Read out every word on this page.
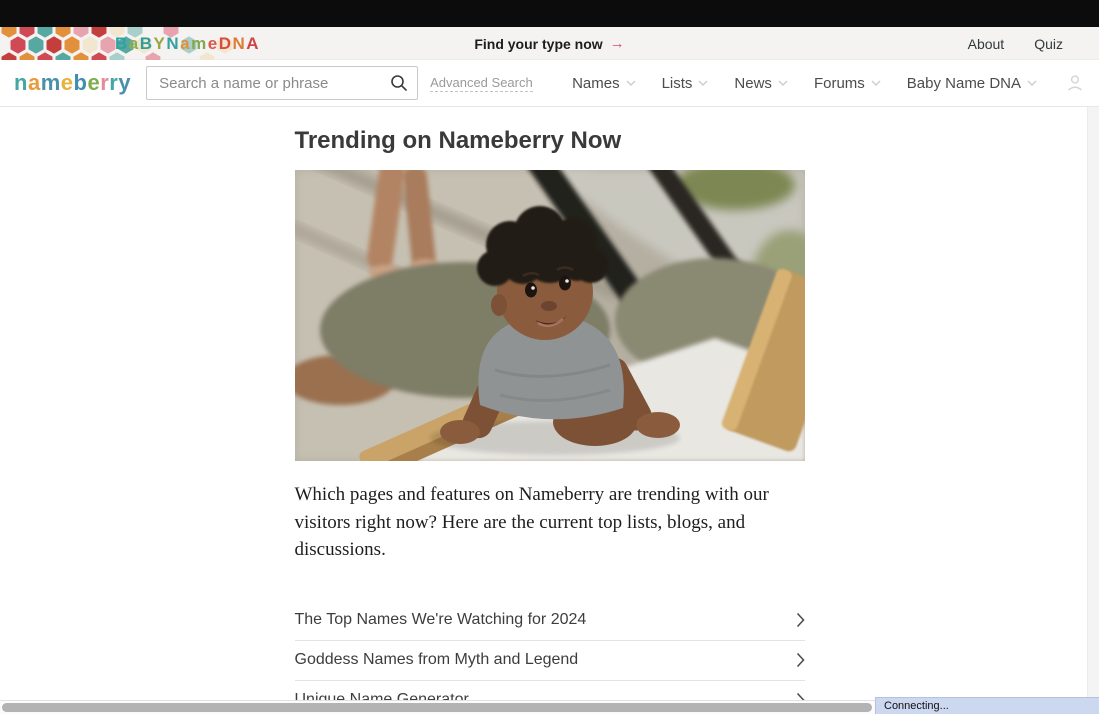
B a B Y N a m e D N A	Find your type now →	About Quiz
nameberry
Search a name or phrase	Advanced Search	Names	Lists	News	Forums	Baby Name DNA
Trending on Nameberry Now

Which pages and features on Nameberry are trending with our visitors right now? Here are the current top lists, blogs, and discussions.

The Top Names We're Watching for 2024
Goddess Names from Myth and Legend
Connecting...
